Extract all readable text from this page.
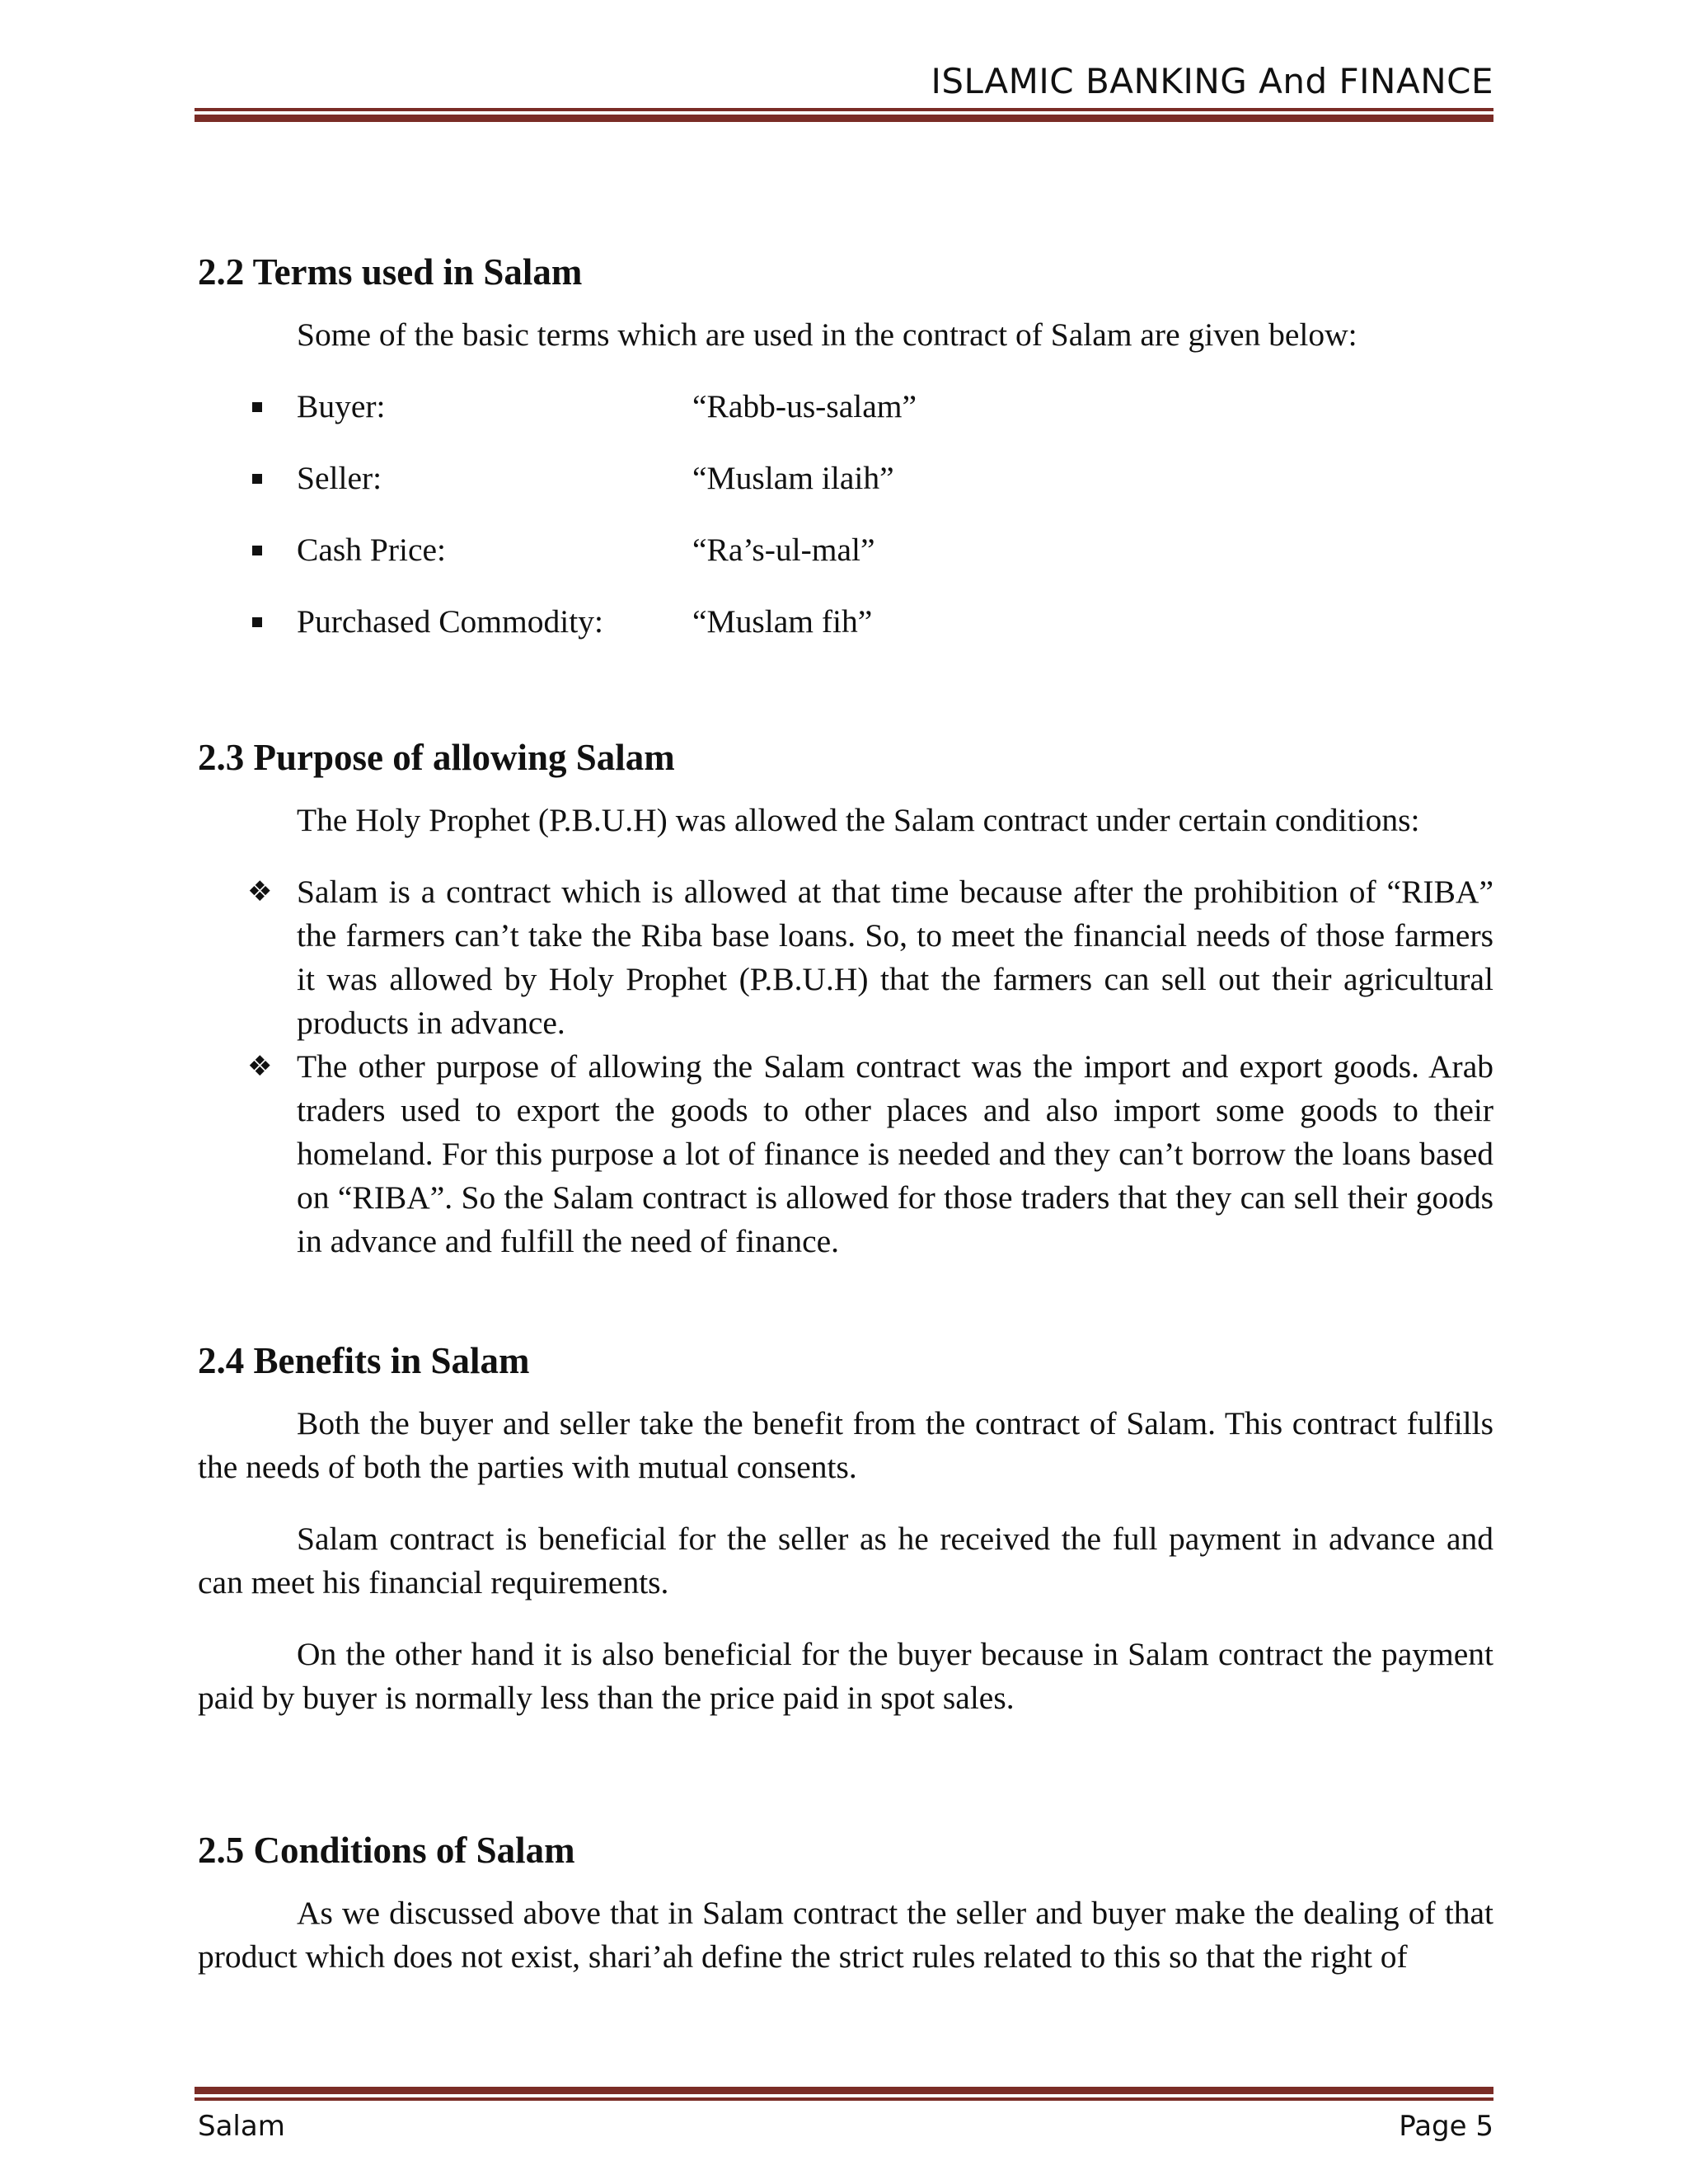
ISLAMIC BANKING And FINANCE
2.2 Terms used in Salam

Some of the basic terms which are used in the contract of Salam are given below:

Buyer:	“Rabb-us-salam”
Seller:	“Muslam ilaih”
Cash Price:	“Ra’s-ul-mal”
Purchased Commodity:	“Muslam fih”
2.3 Purpose of allowing Salam

The Holy Prophet (P.B.U.H) was allowed the Salam contract under certain conditions:

❖ Salam is a contract which is allowed at that time because after the prohibition of “RIBA” the farmers can’t take the Riba base loans. So, to meet the financial needs of those farmers it was allowed by Holy Prophet (P.B.U.H) that the farmers can sell out their agricultural products in advance.
❖ The other purpose of allowing the Salam contract was the import and export goods. Arab traders used to export the goods to other places and also import some goods to their homeland. For this purpose a lot of finance is needed and they can’t borrow the loans based on “RIBA”. So the Salam contract is allowed for those traders that they can sell their goods in advance and fulfill the need of finance.
2.4 Benefits in Salam

Both the buyer and seller take the benefit from the contract of Salam. This contract fulfills the needs of both the parties with mutual consents.

Salam contract is beneficial for the seller as he received the full payment in advance and can meet his financial requirements.

On the other hand it is also beneficial for the buyer because in Salam contract the payment paid by buyer is normally less than the price paid in spot sales.

2.5 Conditions of Salam

As we discussed above that in Salam contract the seller and buyer make the dealing of that product which does not exist, shari’ah define the strict rules related to this so that the right of

Salam	Page 5
